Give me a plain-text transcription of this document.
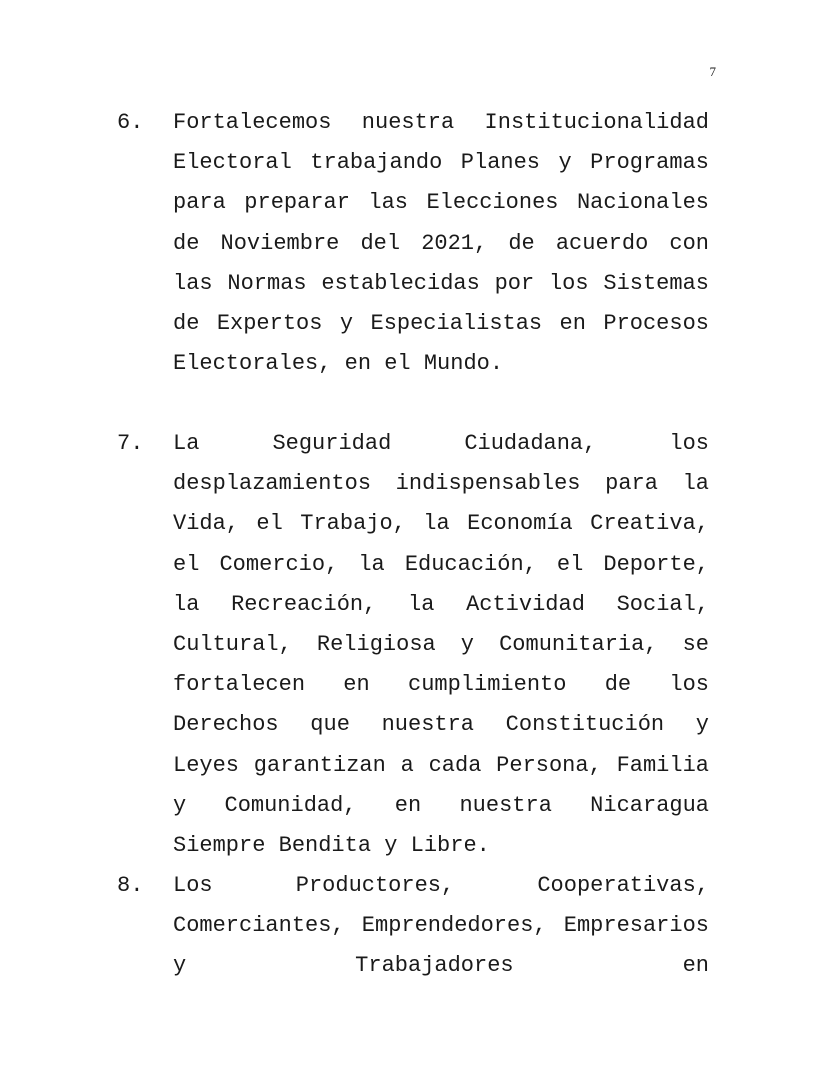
7
6. Fortalecemos nuestra Institucionalidad Electoral trabajando Planes y Programas para preparar las Elecciones Nacionales de Noviembre del 2021, de acuerdo con las Normas establecidas por los Sistemas de Expertos y Especialistas en Procesos Electorales, en el Mundo.

7. La Seguridad Ciudadana, los desplazamientos indispensables para la Vida, el Trabajo, la Economía Creativa, el Comercio, la Educación, el Deporte, la Recreación, la Actividad Social, Cultural, Religiosa y Comunitaria, se fortalecen en cumplimiento de los Derechos que nuestra Constitución y Leyes garantizan a cada Persona, Familia y Comunidad, en nuestra Nicaragua Siempre Bendita y Libre.

8. Los Productores, Cooperativas, Comerciantes, Emprendedores, Empresarios y Trabajadores en
